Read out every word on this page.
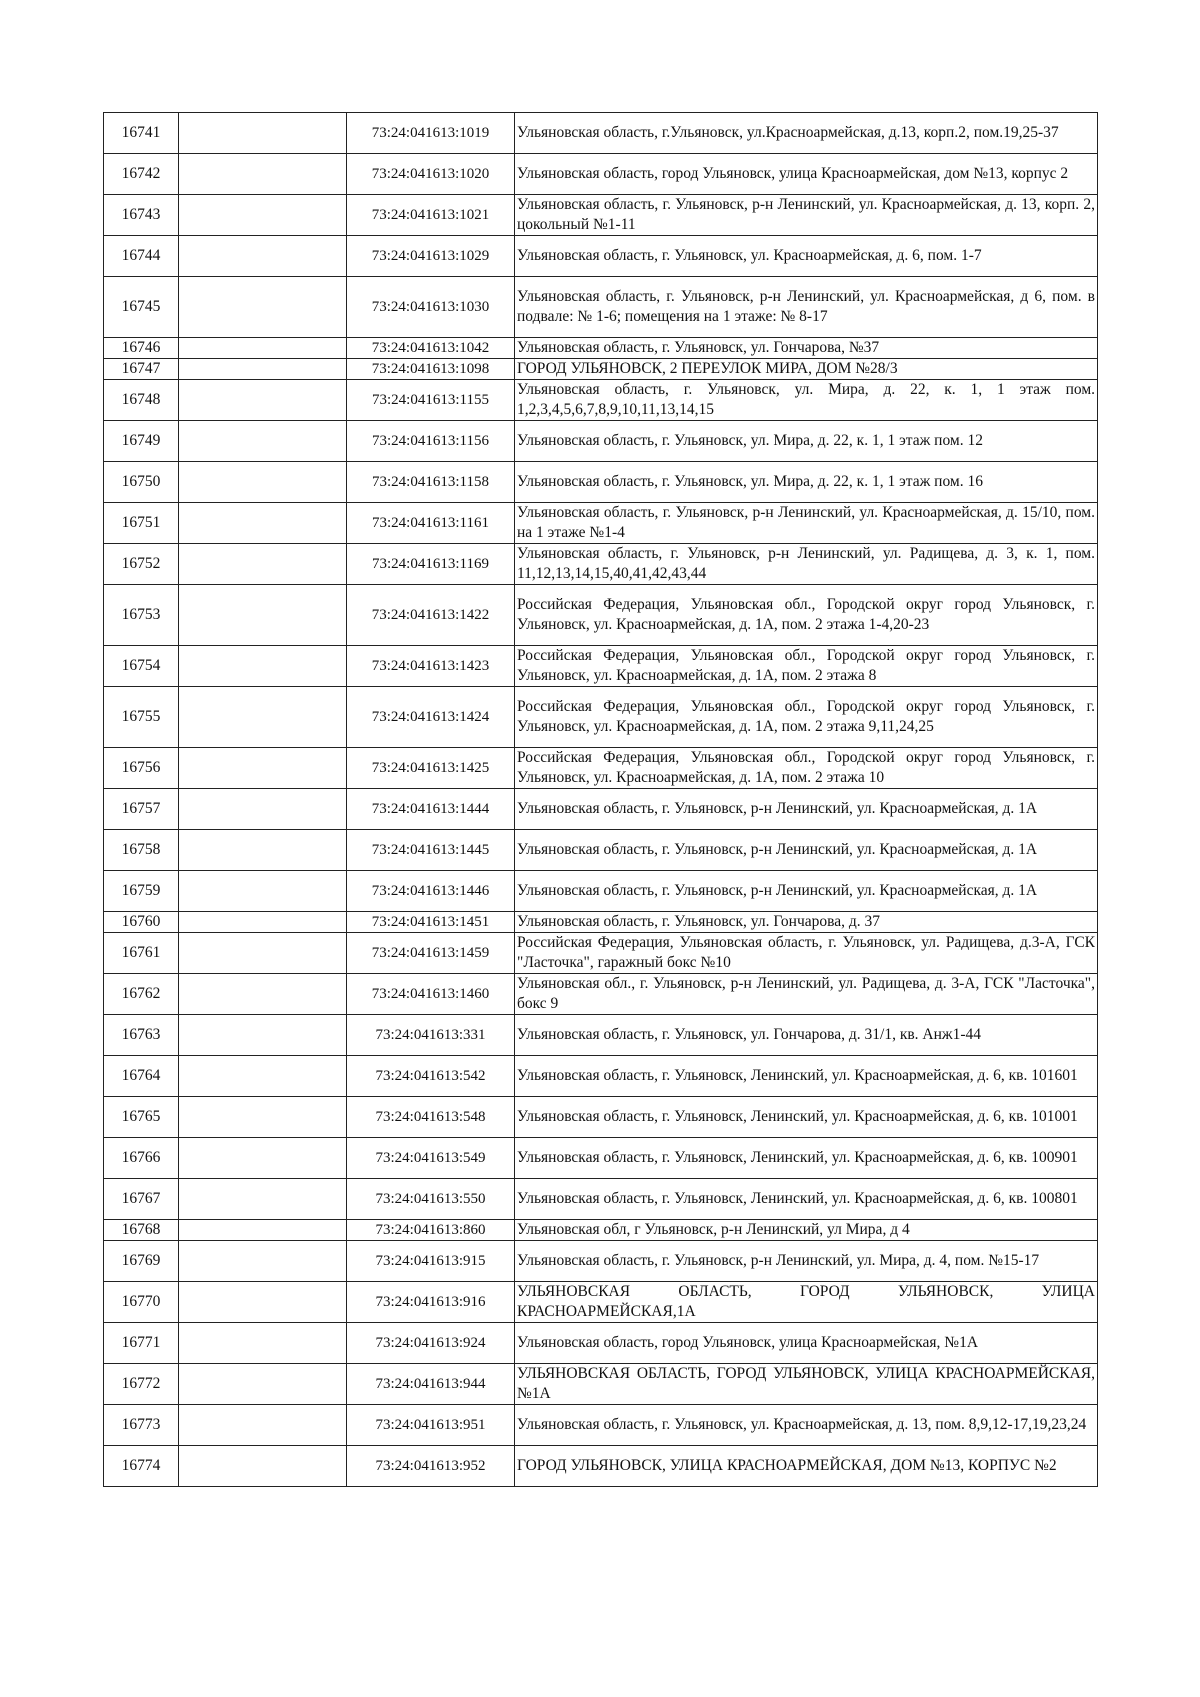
16741		73:24:041613:1019	Ульяновская область, г.Ульяновск, ул.Красноармейская, д.13, корп.2, пом.19,25-37
16742		73:24:041613:1020	Ульяновская область, город Ульяновск, улица Красноармейская, дом №13, корпус 2
16743		73:24:041613:1021	Ульяновская область, г. Ульяновск, р-н Ленинский, ул. Красноармейская, д. 13, корп. 2, цокольный №1-11
16744		73:24:041613:1029	Ульяновская область, г. Ульяновск, ул. Красноармейская, д. 6, пом. 1-7
16745		73:24:041613:1030	Ульяновская область, г. Ульяновск, р-н Ленинский, ул. Красноармейская, д 6, пом. в подвале: № 1-6; помещения на 1 этаже: № 8-17
16746		73:24:041613:1042	Ульяновская область, г. Ульяновск, ул. Гончарова, №37
16747		73:24:041613:1098	ГОРОД УЛЬЯНОВСК, 2 ПЕРЕУЛОК МИРА, ДОМ №28/3
16748		73:24:041613:1155	Ульяновская область, г. Ульяновск, ул. Мира, д. 22, к. 1, 1 этаж пом. 1,2,3,4,5,6,7,8,9,10,11,13,14,15
16749		73:24:041613:1156	Ульяновская область, г. Ульяновск, ул. Мира, д. 22, к. 1, 1 этаж пом. 12
16750		73:24:041613:1158	Ульяновская область, г. Ульяновск, ул. Мира, д. 22, к. 1, 1 этаж пом. 16
16751		73:24:041613:1161	Ульяновская область, г. Ульяновск, р-н Ленинский, ул. Красноармейская, д. 15/10, пом. на 1 этаже №1-4
16752		73:24:041613:1169	Ульяновская область, г. Ульяновск, р-н Ленинский, ул. Радищева, д. 3, к. 1, пом. 11,12,13,14,15,40,41,42,43,44
16753		73:24:041613:1422	Российская Федерация, Ульяновская обл., Городской округ город Ульяновск, г. Ульяновск, ул. Красноармейская, д. 1А, пом. 2 этажа 1-4,20-23
16754		73:24:041613:1423	Российская Федерация, Ульяновская обл., Городской округ город Ульяновск, г. Ульяновск, ул. Красноармейская, д. 1А, пом. 2 этажа 8
16755		73:24:041613:1424	Российская Федерация, Ульяновская обл., Городской округ город Ульяновск, г. Ульяновск, ул. Красноармейская, д. 1А, пом. 2 этажа 9,11,24,25
16756		73:24:041613:1425	Российская Федерация, Ульяновская обл., Городской округ город Ульяновск, г. Ульяновск, ул. Красноармейская, д. 1А, пом. 2 этажа 10
16757		73:24:041613:1444	Ульяновская область, г. Ульяновск, р-н Ленинский, ул. Красноармейская, д. 1А
16758		73:24:041613:1445	Ульяновская область, г. Ульяновск, р-н Ленинский, ул. Красноармейская, д. 1А
16759		73:24:041613:1446	Ульяновская область, г. Ульяновск, р-н Ленинский, ул. Красноармейская, д. 1А
16760		73:24:041613:1451	Ульяновская область, г. Ульяновск, ул. Гончарова, д. 37
16761		73:24:041613:1459	Российская Федерация, Ульяновская область, г. Ульяновск, ул. Радищева, д.3-А, ГСК "Ласточка", гаражный бокс №10
16762		73:24:041613:1460	Ульяновская обл., г. Ульяновск, р-н Ленинский, ул. Радищева, д. 3-А, ГСК "Ласточка", бокс 9
16763		73:24:041613:331	Ульяновская область, г. Ульяновск, ул. Гончарова, д. 31/1, кв. Анж1-44
16764		73:24:041613:542	Ульяновская область, г. Ульяновск, Ленинский, ул. Красноармейская, д. 6, кв. 101601
16765		73:24:041613:548	Ульяновская область, г. Ульяновск, Ленинский, ул. Красноармейская, д. 6, кв. 101001
16766		73:24:041613:549	Ульяновская область, г. Ульяновск, Ленинский, ул. Красноармейская, д. 6, кв. 100901
16767		73:24:041613:550	Ульяновская область, г. Ульяновск, Ленинский, ул. Красноармейская, д. 6, кв. 100801
16768		73:24:041613:860	Ульяновская обл, г Ульяновск, р-н Ленинский, ул Мира, д 4
16769		73:24:041613:915	Ульяновская область, г. Ульяновск, р-н Ленинский, ул. Мира, д. 4, пом. №15-17
16770		73:24:041613:916	УЛЬЯНОВСКАЯ ОБЛАСТЬ, ГОРОД УЛЬЯНОВСК, УЛИЦА КРАСНОАРМЕЙСКАЯ,1А
16771		73:24:041613:924	Ульяновская область, город Ульяновск, улица Красноармейская, №1А
16772		73:24:041613:944	УЛЬЯНОВСКАЯ ОБЛАСТЬ, ГОРОД УЛЬЯНОВСК, УЛИЦА КРАСНОАРМЕЙСКАЯ, №1А
16773		73:24:041613:951	Ульяновская область, г. Ульяновск, ул. Красноармейская, д. 13, пом. 8,9,12-17,19,23,24
16774		73:24:041613:952	ГОРОД УЛЬЯНОВСК, УЛИЦА КРАСНОАРМЕЙСКАЯ, ДОМ №13, КОРПУС №2
